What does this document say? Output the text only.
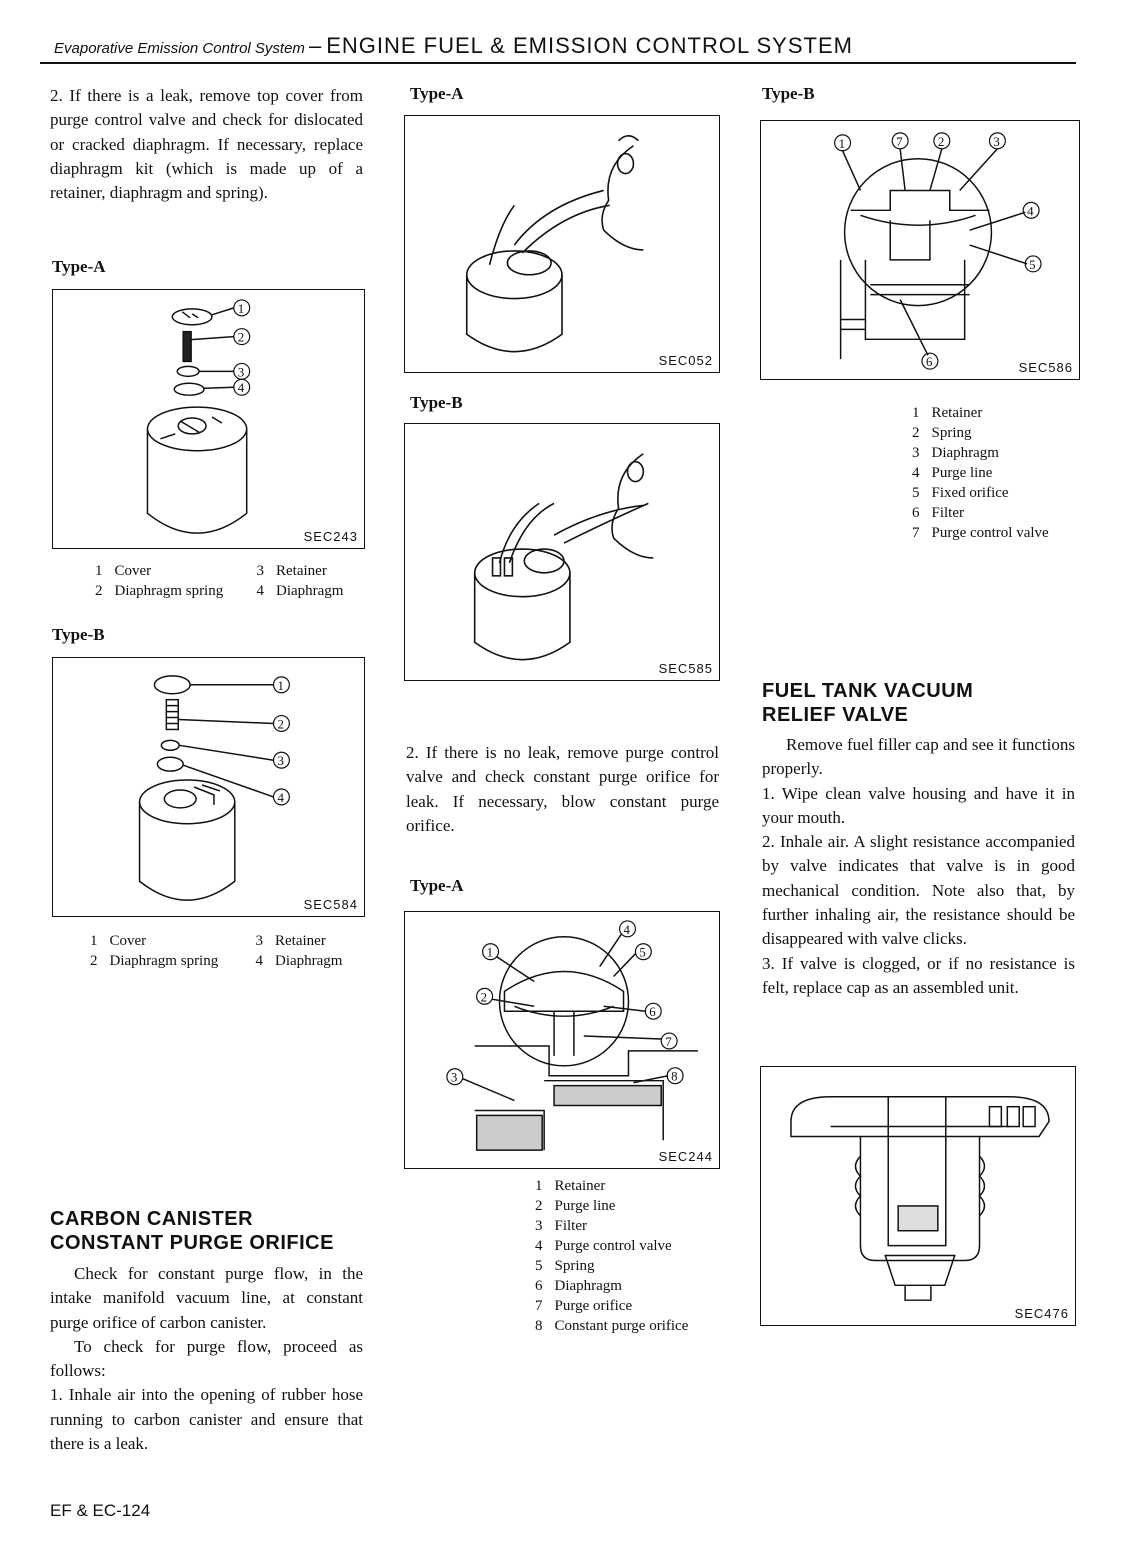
Evaporative Emission Control System – ENGINE FUEL & EMISSION CONTROL SYSTEM

2. If there is a leak, remove top cover from purge control valve and check for dislocated or cracked diaphragm. If necessary, replace diaphragm kit (which is made up of a retainer, diaphragm and spring).

Type-A
1
2
3
4
SEC243
1	Cover	3	Retainer
2	Diaphragm spring	4	Diaphragm
Type-B
1
2
3
4
SEC584
1	Cover	3	Retainer
2	Diaphragm spring	4	Diaphragm
CARBON CANISTER
CONSTANT PURGE ORIFICE

Check for constant purge flow, in the intake manifold vacuum line, at constant purge orifice of carbon canister.

To check for purge flow, proceed as follows:

1. Inhale air into the opening of rubber hose running to carbon canister and ensure that there is a leak.

Type-A
SEC052
Type-B
SEC585

2. If there is no leak, remove purge control valve and check constant purge orifice for leak. If necessary, blow constant purge orifice.

Type-A
1
2
3
4
5
6
7
8
SEC244
1	Retainer
2	Purge line
3	Filter
4	Purge control valve
5	Spring
6	Diaphragm
7	Purge orifice
8	Constant purge orifice
Type-B
1	7	2	3
4
5
6	SEC586
1	Retainer
2	Spring
3	Diaphragm
4	Purge line
5	Fixed orifice
6	Filter
7	Purge control valve
FUEL TANK VACUUM
RELIEF VALVE

Remove fuel filler cap and see it functions properly.

1. Wipe clean valve housing and have it in your mouth.

2. Inhale air. A slight resistance accompanied by valve indicates that valve is in good mechanical condition. Note also that, by further inhaling air, the resistance should be disappeared with valve clicks.

3. If valve is clogged, or if no resistance is felt, replace cap as an assembled unit.

SEC476
EF & EC-124
